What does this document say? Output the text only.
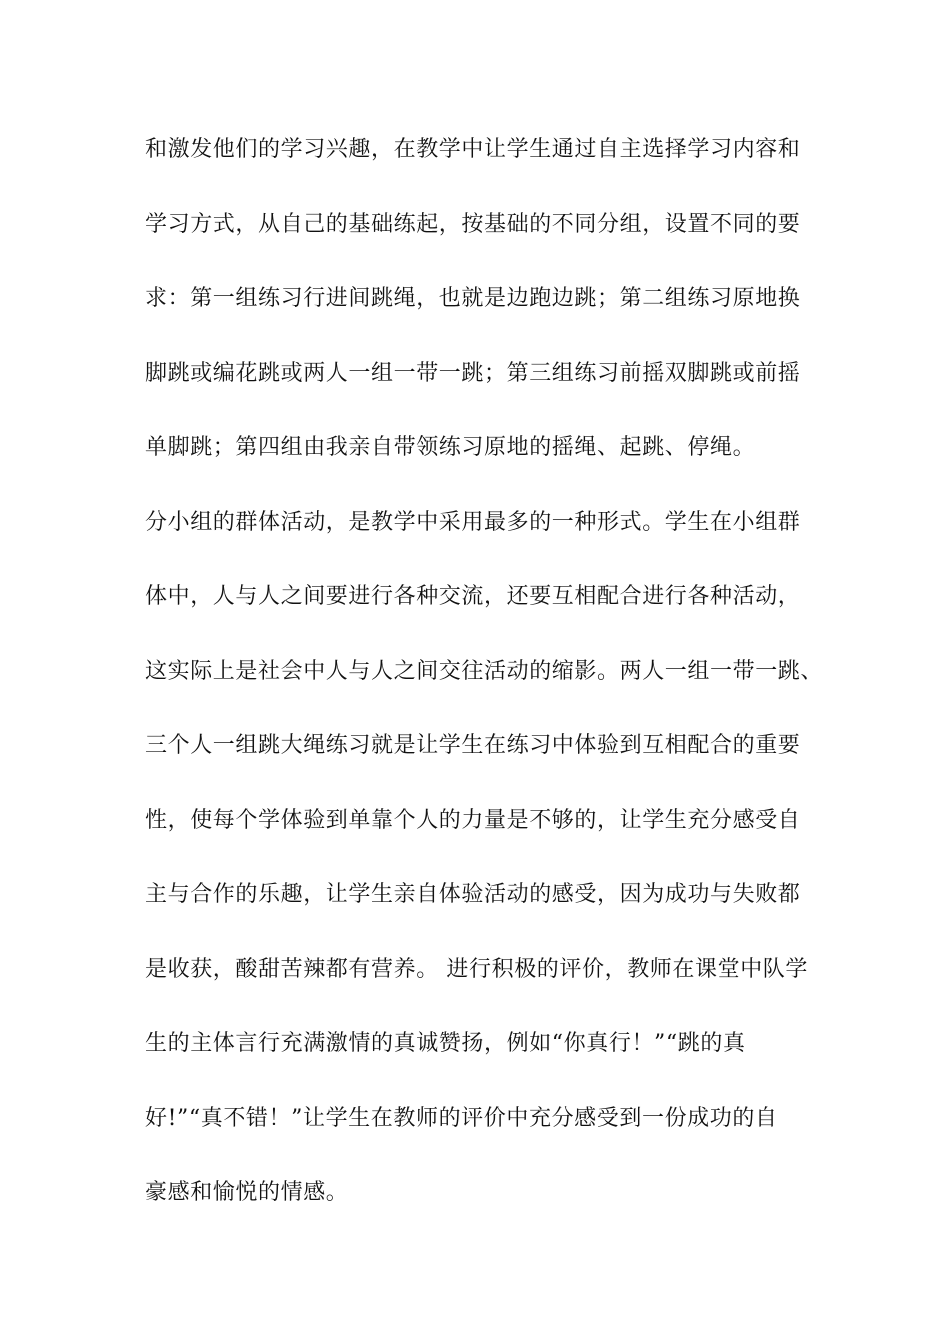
和激发他们的学习兴趣，在教学中让学生通过自主选择学习内容和
学习方式，从自己的基础练起，按基础的不同分组，设置不同的要
求：第一组练习行进间跳绳，也就是边跑边跳；第二组练习原地换
脚跳或编花跳或两人一组一带一跳；第三组练习前摇双脚跳或前摇
单脚跳；第四组由我亲自带领练习原地的摇绳、起跳、停绳。
分小组的群体活动，是教学中采用最多的一种形式。学生在小组群
体中，人与人之间要进行各种交流，还要互相配合进行各种活动，
这实际上是社会中人与人之间交往活动的缩影。两人一组一带一跳、
三个人一组跳大绳练习就是让学生在练习中体验到互相配合的重要
性，使每个学体验到单靠个人的力量是不够的，让学生充分感受自
主与合作的乐趣，让学生亲自体验活动的感受，因为成功与失败都
是收获，酸甜苦辣都有营养。 进行积极的评价，教师在课堂中队学
生的主体言行充满激情的真诚赞扬，例如“你真行！”“跳的真
好!”“真不错！”让学生在教师的评价中充分感受到一份成功的自
豪感和愉悦的情感。
